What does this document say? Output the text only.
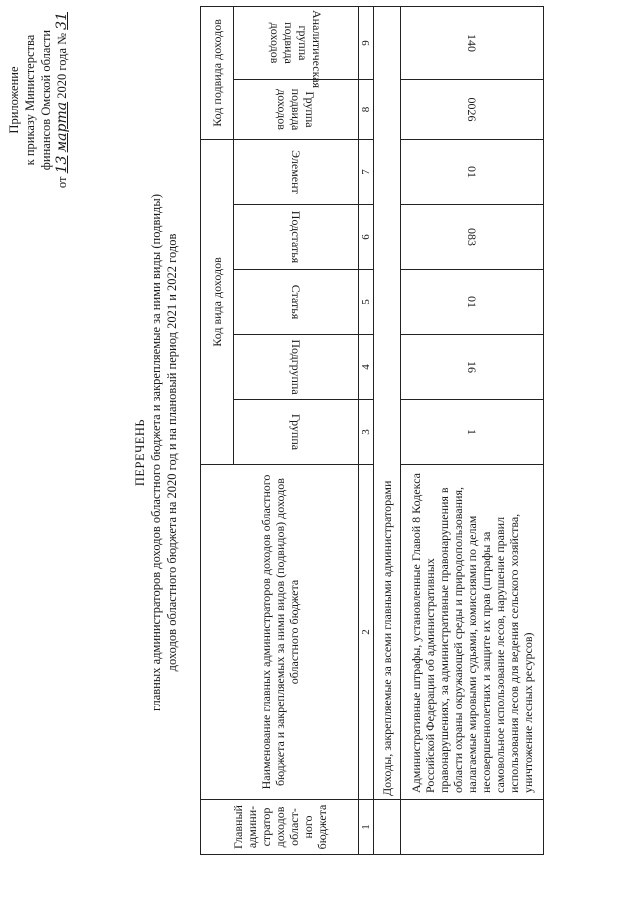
Приложение к приказу Министерства финансов Омской области
от 13 марта 2020 года № 31
ПЕРЕЧЕНЬ главных администраторов доходов областного бюджета и закрепляемые за ними виды (подвиды) доходов областного бюджета на 2020 год и на плановый период 2021 и 2022 годов
Главный админи-стратор доходов област-ного бюджета	Наименование главных администраторов доходов областного бюджета и закрепляемых за ними видов (подвидов) доходов областного бюджета	Код вида доходов					Код подвида доходов	

		Группа	Подгруппа	Статья	Подстатья	Элемент	Группа подвида доходов	Аналитическая группа подвида доходов

1	2	3	4	5	6	7	8	9
	Доходы, закрепляемые за всеми главными администраторами							
	Административные штрафы, установленные Главой 8 Кодекса Российской Федерации об административных правонарушениях, за административные правонарушения в области охраны окружающей среды и природопользования, налагаемые мировыми судьями, комиссиями по делам несовершеннолетних и защите их прав (штрафы за самовольное использование лесов, нарушение правил использования лесов для ведения сельского хозяйства, уничтожение лесных ресурсов)	1	16	01	083	01	0026	140
